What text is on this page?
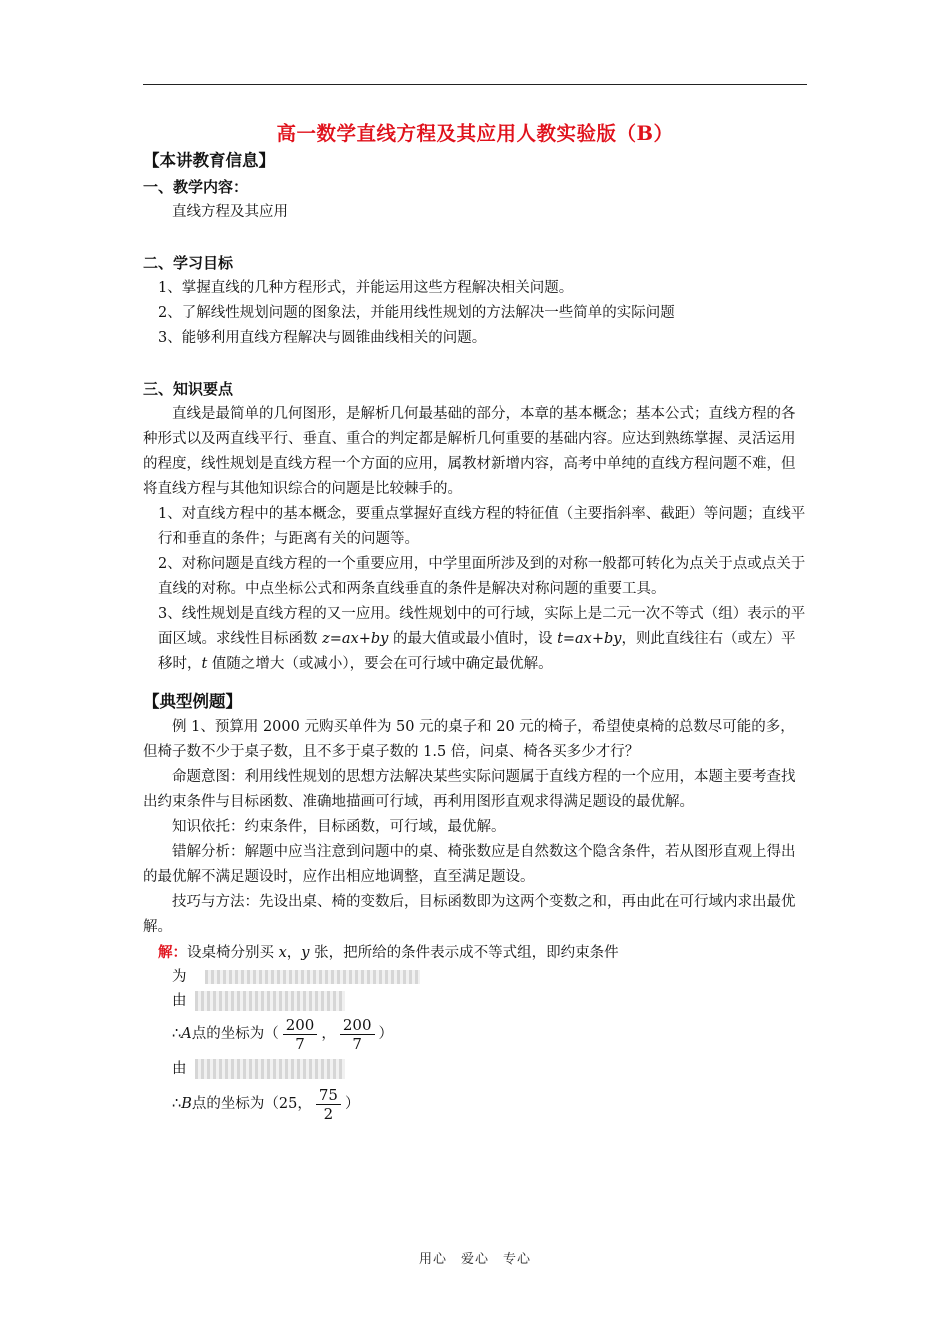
高一数学直线方程及其应用人教实验版（B）

【本讲教育信息】

一、教学内容：

直线方程及其应用

二、学习目标

1、掌握直线的几种方程形式，并能运用这些方程解决相关问题。

2、了解线性规划问题的图象法，并能用线性规划的方法解决一些简单的实际问题

3、能够利用直线方程解决与圆锥曲线相关的问题。

三、知识要点

直线是最简单的几何图形，是解析几何最基础的部分，本章的基本概念；基本公式；直线方程的各种形式以及两直线平行、垂直、重合的判定都是解析几何重要的基础内容。应达到熟练掌握、灵活运用的程度，线性规划是直线方程一个方面的应用，属教材新增内容，高考中单纯的直线方程问题不难，但将直线方程与其他知识综合的问题是比较棘手的。

1、对直线方程中的基本概念，要重点掌握好直线方程的特征值（主要指斜率、截距）等问题；直线平行和垂直的条件；与距离有关的问题等。

2、对称问题是直线方程的一个重要应用，中学里面所涉及到的对称一般都可转化为点关于点或点关于直线的对称。中点坐标公式和两条直线垂直的条件是解决对称问题的重要工具。

3、线性规划是直线方程的又一应用。线性规划中的可行域，实际上是二元一次不等式（组）表示的平面区域。求线性目标函数 z=ax+by 的最大值或最小值时，设 t=ax+by，则此直线往右（或左）平移时，t 值随之增大（或减小），要会在可行域中确定最优解。

【典型例题】

例 1、预算用 2000 元购买单件为 50 元的桌子和 20 元的椅子，希望使桌椅的总数尽可能的多，但椅子数不少于桌子数，且不多于桌子数的 1.5 倍，问桌、椅各买多少才行？

命题意图：利用线性规划的思想方法解决某些实际问题属于直线方程的一个应用，本题主要考查找出约束条件与目标函数、准确地描画可行域，再利用图形直观求得满足题设的最优解。

知识依托：约束条件，目标函数，可行域，最优解。

错解分析：解题中应当注意到问题中的桌、椅张数应是自然数这个隐含条件，若从图形直观上得出的最优解不满足题设时，应作出相应地调整，直至满足题设。

技巧与方法：先设出桌、椅的变数后，目标函数即为这两个变数之和，再由此在可行域内求出最优解。

解：设桌椅分别买 x，y 张，把所给的条件表示成不等式组，即约束条件

为
由
∴A点的坐标为（ $\frac{200}{7}$ ， $\frac{200}{7}$ ）
由
∴B点的坐标为（25， $\frac{75}{2}$ ）
用心　爱心　专心
